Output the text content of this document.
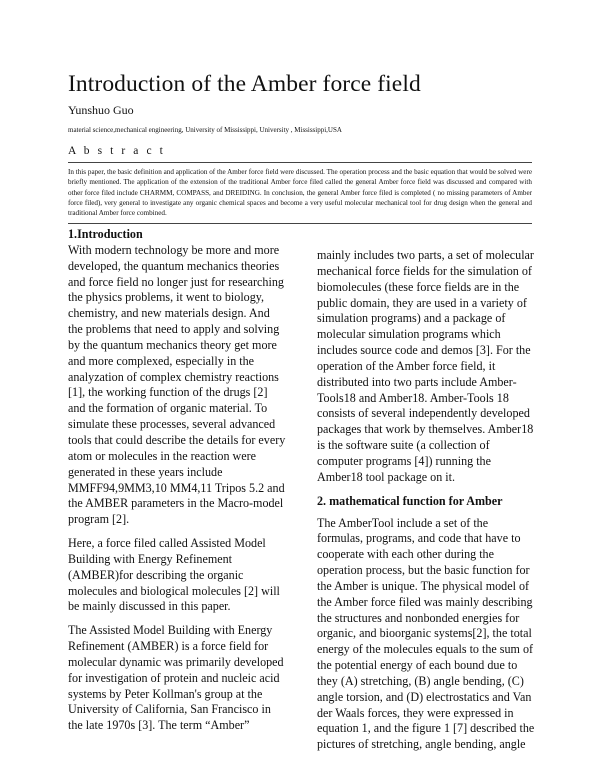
Introduction of the Amber force field
Yunshuo Guo
material science,mechanical engineering, University of Mississippi, University , Mississippi,USA
A b s t r a c t
In this paper, the basic definition and application of the Amber force field were discussed. The operation process and the basic equation that would be solved were briefly mentioned. The application of the extension of the traditional Amber force filed called the general Amber force field was discussed and compared with other force filed include CHARMM, COMPASS, and DREIDING. In conclusion, the general Amber force filed is completed ( no missing parameters of Amber force filed), very general to investigate any organic chemical spaces and become a very useful molecular mechanical tool for drug design when the general and traditional Amber force combined.

1.Introduction

With modern technology be more and more developed, the quantum mechanics theories and force field no longer just for researching the physics problems, it went to biology, chemistry, and new materials design. And the problems that need to apply and solving by the quantum mechanics theory get more and more complexed, especially in the analyzation of complex chemistry reactions [1], the working function of the drugs [2] and the formation of organic material. To simulate these processes, several advanced tools that could describe the details for every atom or molecules in the reaction were generated in these years include MMFF94,9MM3,10 MM4,11 Tripos 5.2 and the AMBER parameters in the Macro-model program [2].

Here, a force filed called Assisted Model Building with Energy Refinement (AMBER)for describing the organic molecules and biological molecules [2] will be mainly discussed in this paper.

The Assisted Model Building with Energy Refinement (AMBER) is a force field for molecular dynamic was primarily developed for investigation of protein and nucleic acid systems by Peter Kollman's group at the University of California, San Francisco in the late 1970s [3]. The term “Amber”

mainly includes two parts, a set of molecular mechanical force fields for the simulation of biomolecules (these force fields are in the public domain, they are used in a variety of simulation programs) and a package of molecular simulation programs which includes source code and demos [3]. For the operation of the Amber force field, it distributed into two parts include Amber-Tools18 and Amber18. Amber-Tools 18 consists of several independently developed packages that work by themselves. Amber18 is the software suite (a collection of computer programs [4]) running the Amber18 tool package on it.

2. mathematical function for Amber

The AmberTool include a set of the formulas, programs, and code that have to cooperate with each other during the operation process, but the basic function for the Amber is unique. The physical model of the Amber force filed was mainly describing the structures and nonbonded energies for organic, and bioorganic systems[2], the total energy of the molecules equals to the sum of the potential energy of each bound due to they (A) stretching, (B) angle bending, (C) angle torsion, and (D) electrostatics and Van der Waals forces, they were expressed in equation 1, and the figure 1 [7] described the pictures of stretching, angle bending, angle
